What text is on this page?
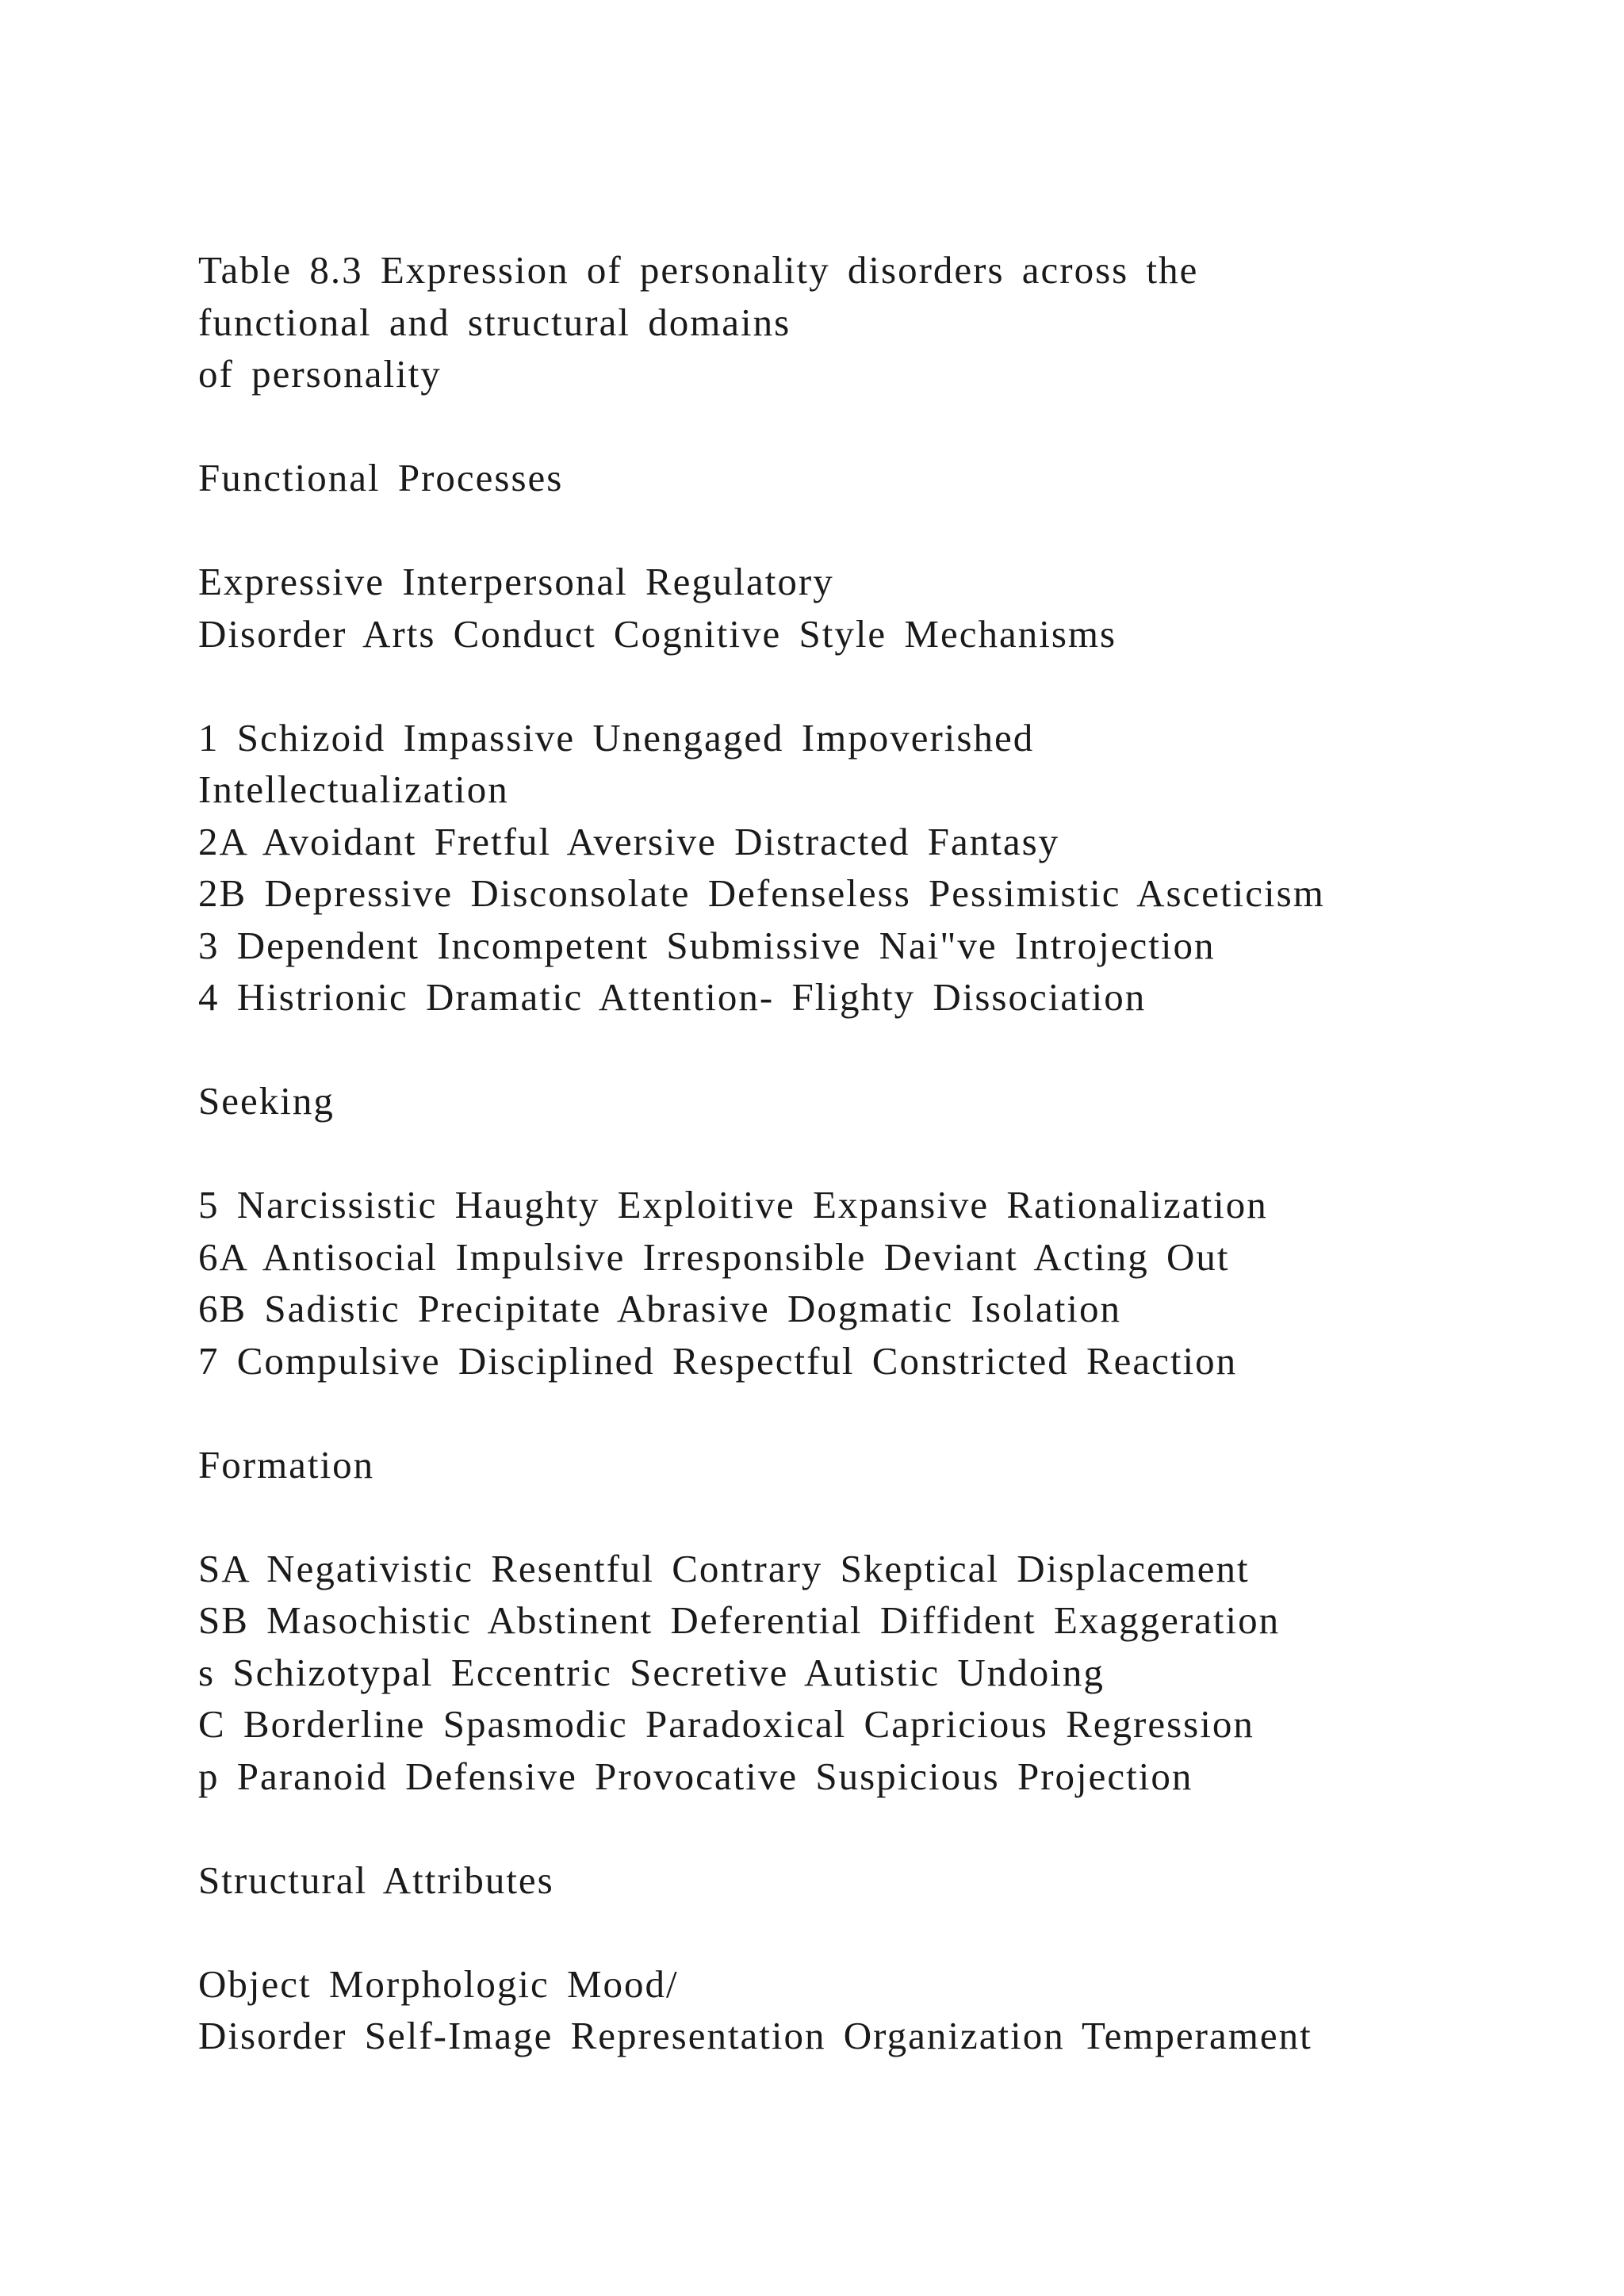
Table 8.3 Expression of personality disorders across the
functional and structural domains
of personality
Functional Processes
Expressive Interpersonal Regulatory
Disorder Arts Conduct Cognitive Style Mechanisms
1 Schizoid Impassive Unengaged Impoverished
Intellectualization
2A Avoidant Fretful Aversive Distracted Fantasy
2B Depressive Disconsolate Defenseless Pessimistic Asceticism
3 Dependent Incompetent Submissive Nai"ve Introjection
4 Histrionic Dramatic Attention- Flighty Dissociation
Seeking
5 Narcissistic Haughty Exploitive Expansive Rationalization
6A Antisocial Impulsive Irresponsible Deviant Acting Out
6B Sadistic Precipitate Abrasive Dogmatic Isolation
7 Compulsive Disciplined Respectful Constricted Reaction
Formation
SA Negativistic Resentful Contrary Skeptical Displacement
SB Masochistic Abstinent Deferential Diffident Exaggeration
s Schizotypal Eccentric Secretive Autistic Undoing
C Borderline Spasmodic Paradoxical Capricious Regression
p Paranoid Defensive Provocative Suspicious Projection
Structural Attributes
Object Morphologic Mood/
Disorder Self-Image Representation Organization Temperament
